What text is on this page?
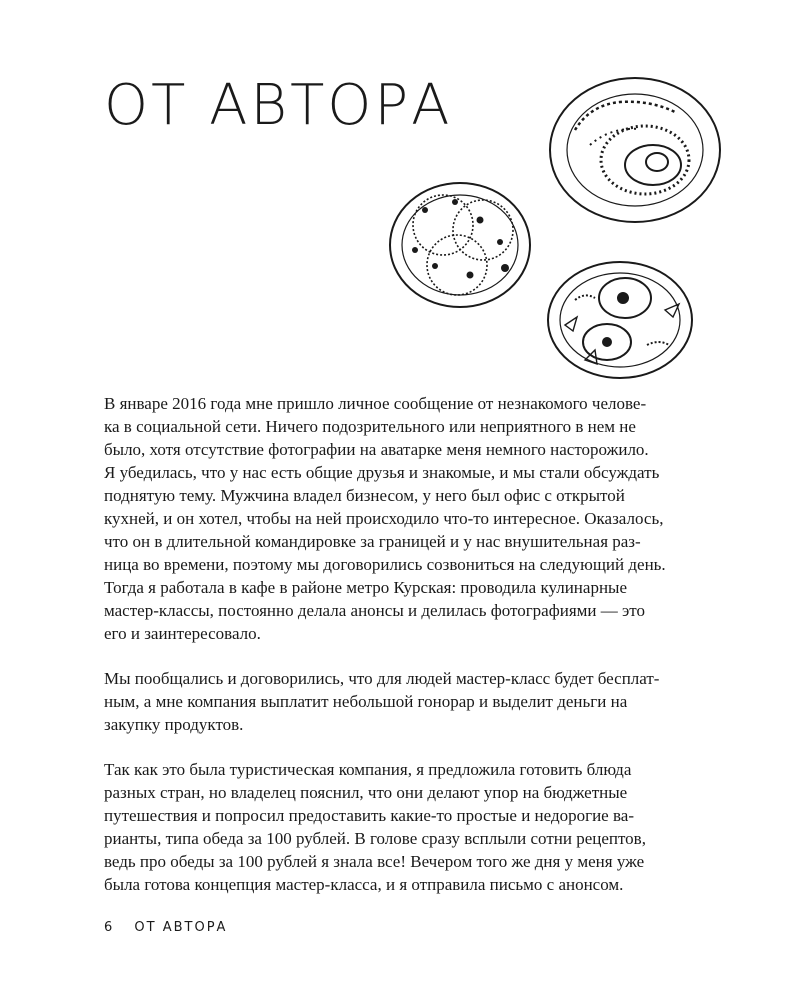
ОТ АВТОРА

В январе 2016 года мне пришло личное сообщение от незнакомого челове-
ка в социальной сети. Ничего подозрительного или неприятного в нем не
было, хотя отсутствие фотографии на аватарке меня немного насторожило.
Я убедилась, что у нас есть общие друзья и знакомые, и мы стали обсуждать
поднятую тему. Мужчина владел бизнесом, у него был офис с открытой
кухней, и он хотел, чтобы на ней происходило что-то интересное. Оказалось,
что он в длительной командировке за границей и у нас внушительная раз-
ница во времени, поэтому мы договорились созвониться на следующий день.
Тогда я работала в кафе в районе метро Курская: проводила кулинарные
мастер-классы, постоянно делала анонсы и делилась фотографиями — это
его и заинтересовало.

Мы пообщались и договорились, что для людей мастер-класс будет бесплат-
ным, а мне компания выплатит небольшой гонорар и выделит деньги на
закупку продуктов.

Так как это была туристическая компания, я предложила готовить блюда
разных стран, но владелец пояснил, что они делают упор на бюджетные
путешествия и попросил предоставить какие-то простые и недорогие ва-
рианты, типа обеда за 100 рублей. В голове сразу всплыли сотни рецептов,
ведь про обеды за 100 рублей я знала все! Вечером того же дня у меня уже
была готова концепция мастер-класса, и я отправила письмо с анонсом.

6 ОТ АВТОРА
